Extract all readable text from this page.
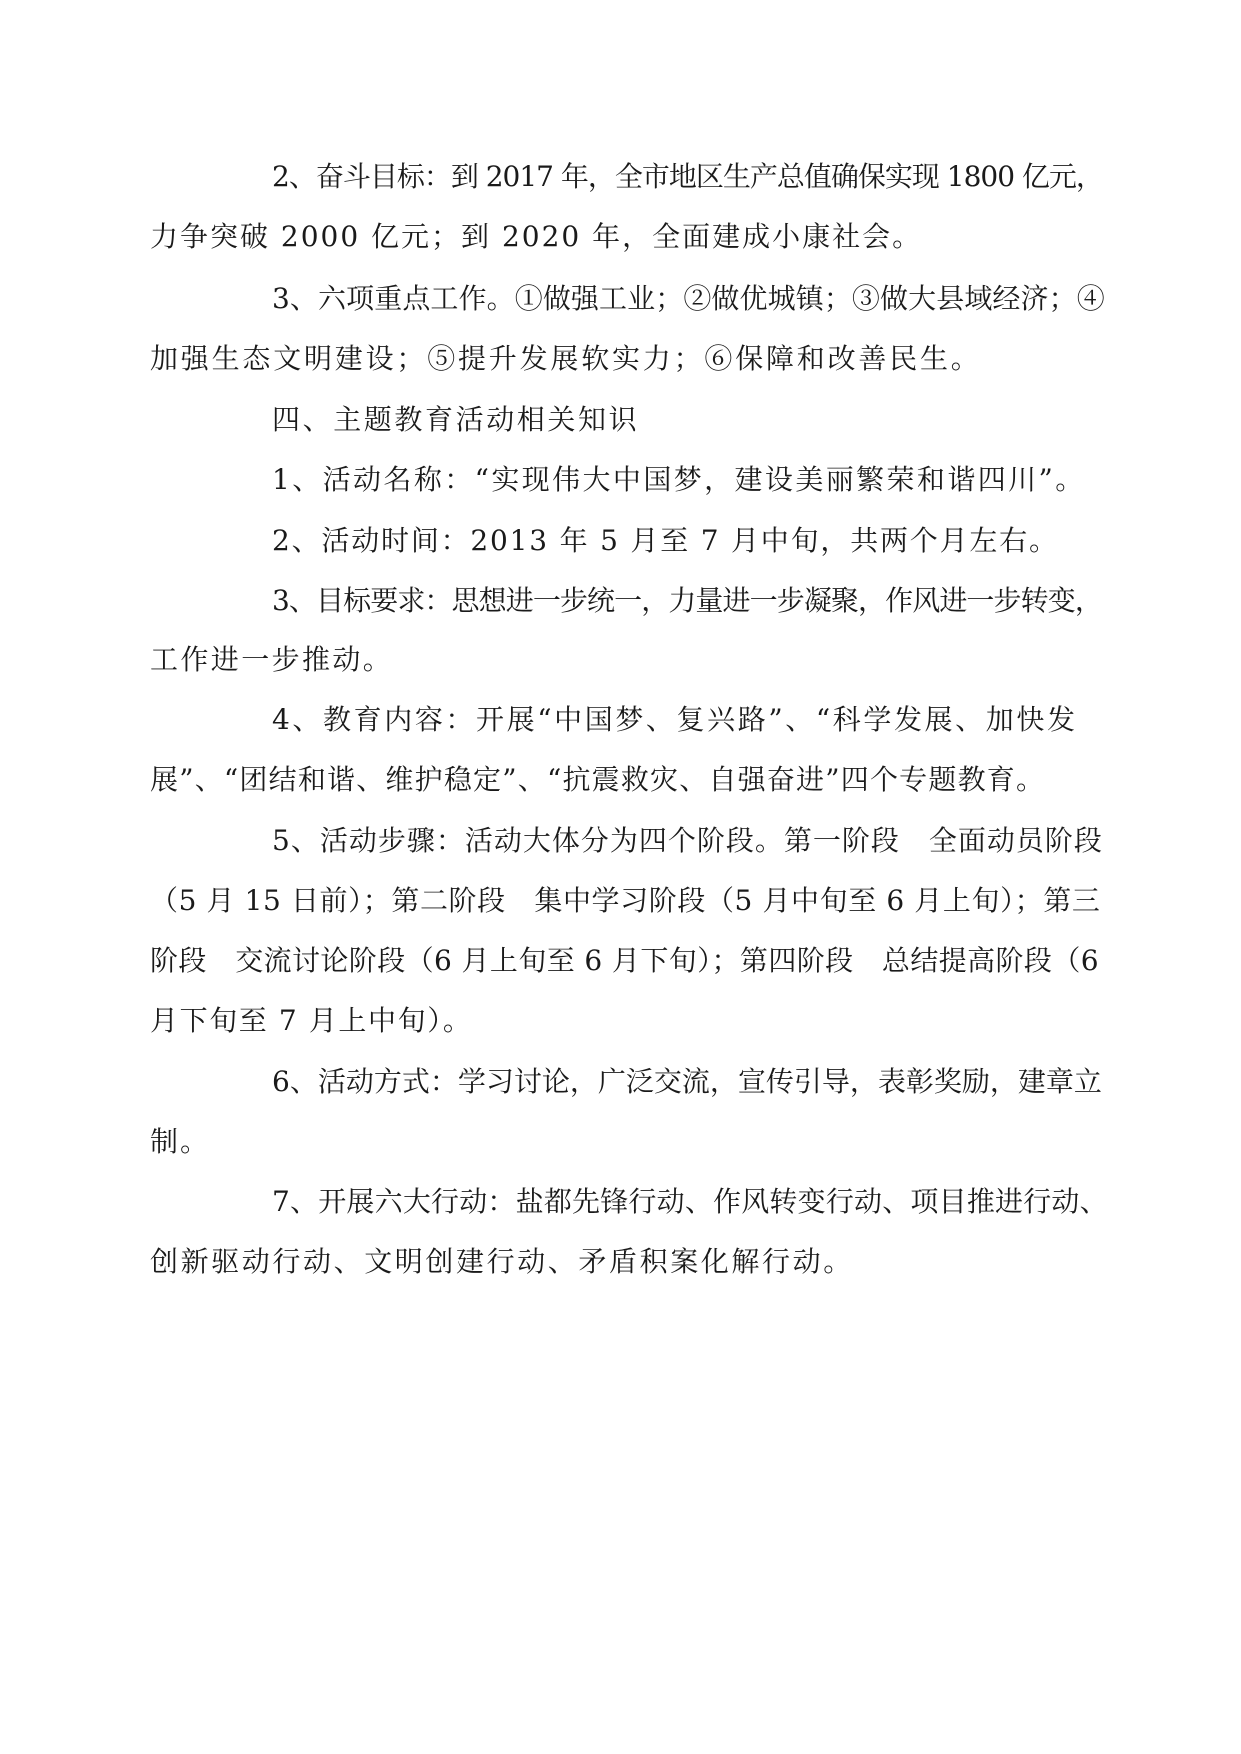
2、奋斗目标：到 2017 年，全市地区生产总值确保实现 1800 亿元，
力争突破 2000 亿元；到 2020 年，全面建成小康社会。
3、六项重点工作。①做强工业；②做优城镇；③做大县域经济；④
加强生态文明建设；⑤提升发展软实力；⑥保障和改善民生。
四、主题教育活动相关知识
1、活动名称：“实现伟大中国梦，建设美丽繁荣和谐四川”。
2、活动时间：2013 年 5 月至 7 月中旬，共两个月左右。
3、目标要求：思想进一步统一，力量进一步凝聚，作风进一步转变，
工作进一步推动。
4、教育内容：开展“中国梦、复兴路”、“科学发展、加快发
展”、“团结和谐、维护稳定”、“抗震救灾、自强奋进”四个专题教育。
5、活动步骤：活动大体分为四个阶段。第一阶段　全面动员阶段
（5 月 15 日前）；第二阶段　集中学习阶段（5 月中旬至 6 月上旬）；第三
阶段　交流讨论阶段（6 月上旬至 6 月下旬）；第四阶段　总结提高阶段（6
月下旬至 7 月上中旬）。
6、活动方式：学习讨论，广泛交流，宣传引导，表彰奖励，建章立
制。
7、开展六大行动：盐都先锋行动、作风转变行动、项目推进行动、
创新驱动行动、文明创建行动、矛盾积案化解行动。
